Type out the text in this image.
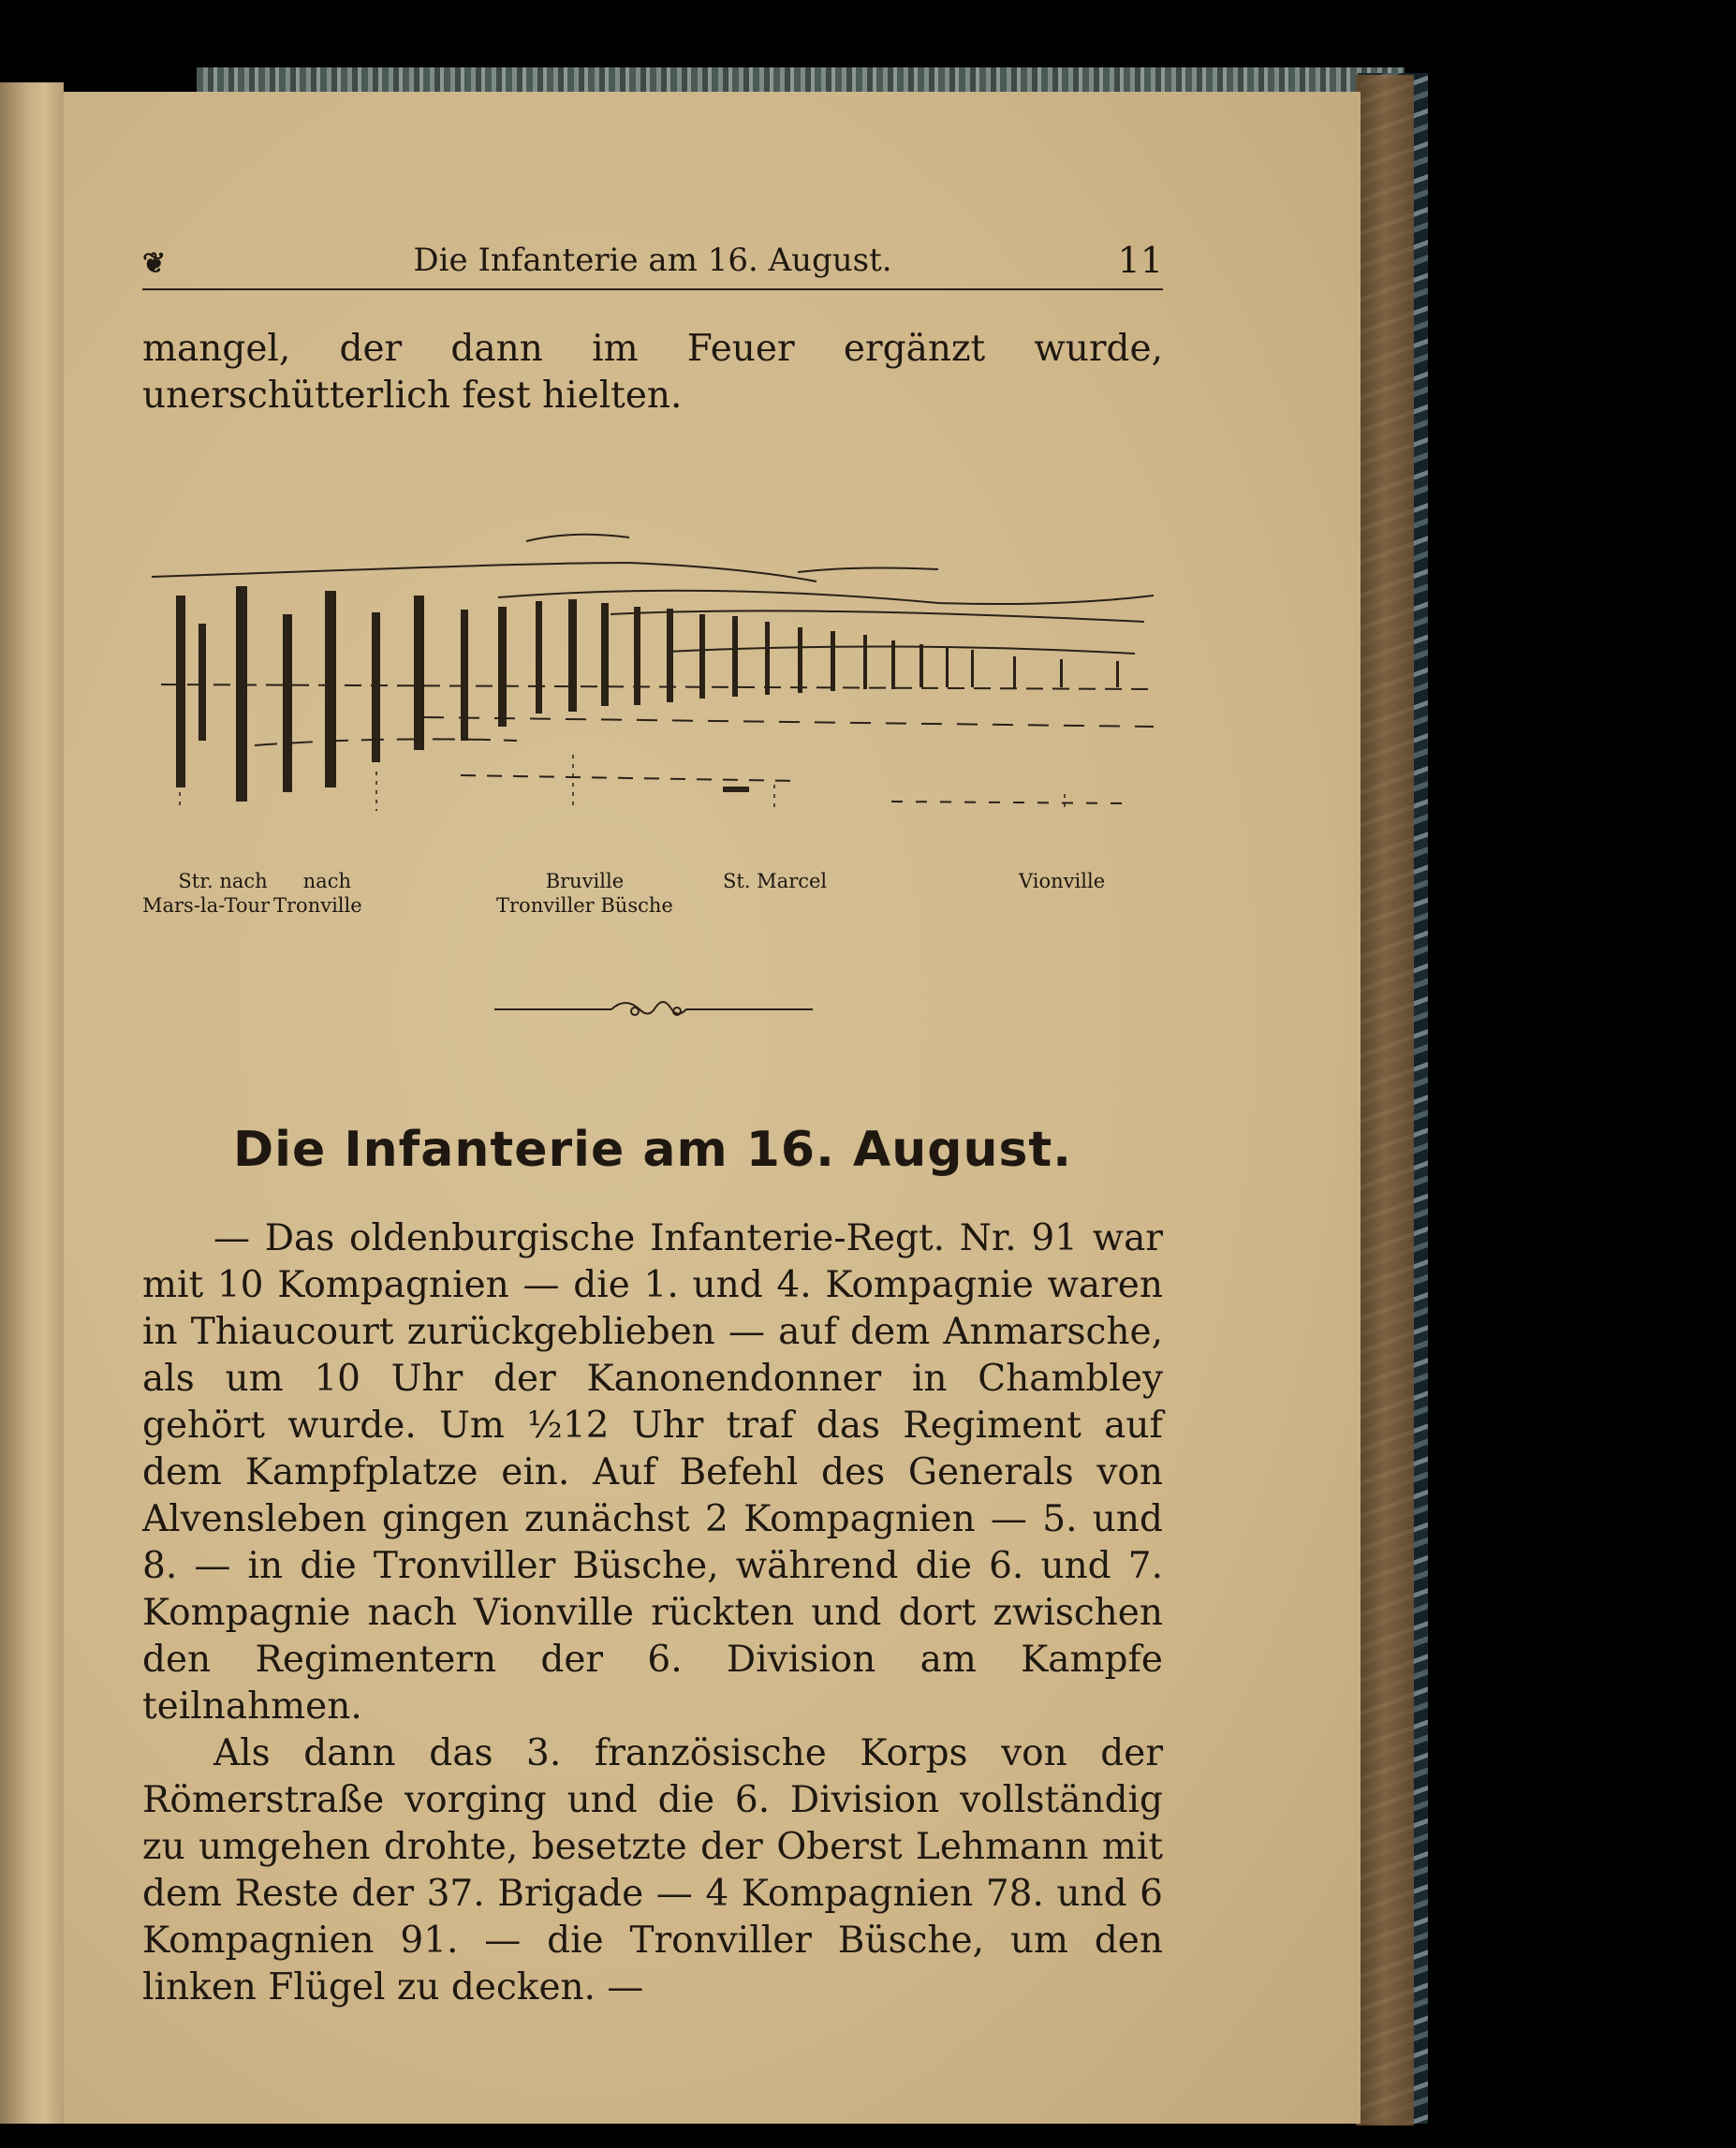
❦	Die Infanterie am 16. August.	11

mangel, der dann im Feuer ergänzt wurde, unerschütterlich fest hielten.

Str. nach
Mars-la-Tour
nach
Tronville
Bruville
Tronviller Büsche
St. Marcel	Vionville
Die Infanterie am 16. August.

— Das oldenburgische Infanterie-Regt. Nr. 91 war mit 10 Kompagnien — die 1. und 4. Kompagnie waren in Thiaucourt zurückgeblieben — auf dem Anmarsche, als um 10 Uhr der Kanonendonner in Chambley gehört wurde. Um ½12 Uhr traf das Regiment auf dem Kampfplatze ein. Auf Befehl des Generals von Alvensleben gingen zunächst 2 Kompagnien — 5. und 8. — in die Tronviller Büsche, während die 6. und 7. Kompagnie nach Vionville rückten und dort zwischen den Regimentern der 6. Division am Kampfe teilnahmen.

Als dann das 3. französische Korps von der Römerstraße vorging und die 6. Division vollständig zu umgehen drohte, besetzte der Oberst Lehmann mit dem Reste der 37. Brigade — 4 Kompagnien 78. und 6 Kompagnien 91. — die Tronviller Büsche, um den linken Flügel zu decken. —
